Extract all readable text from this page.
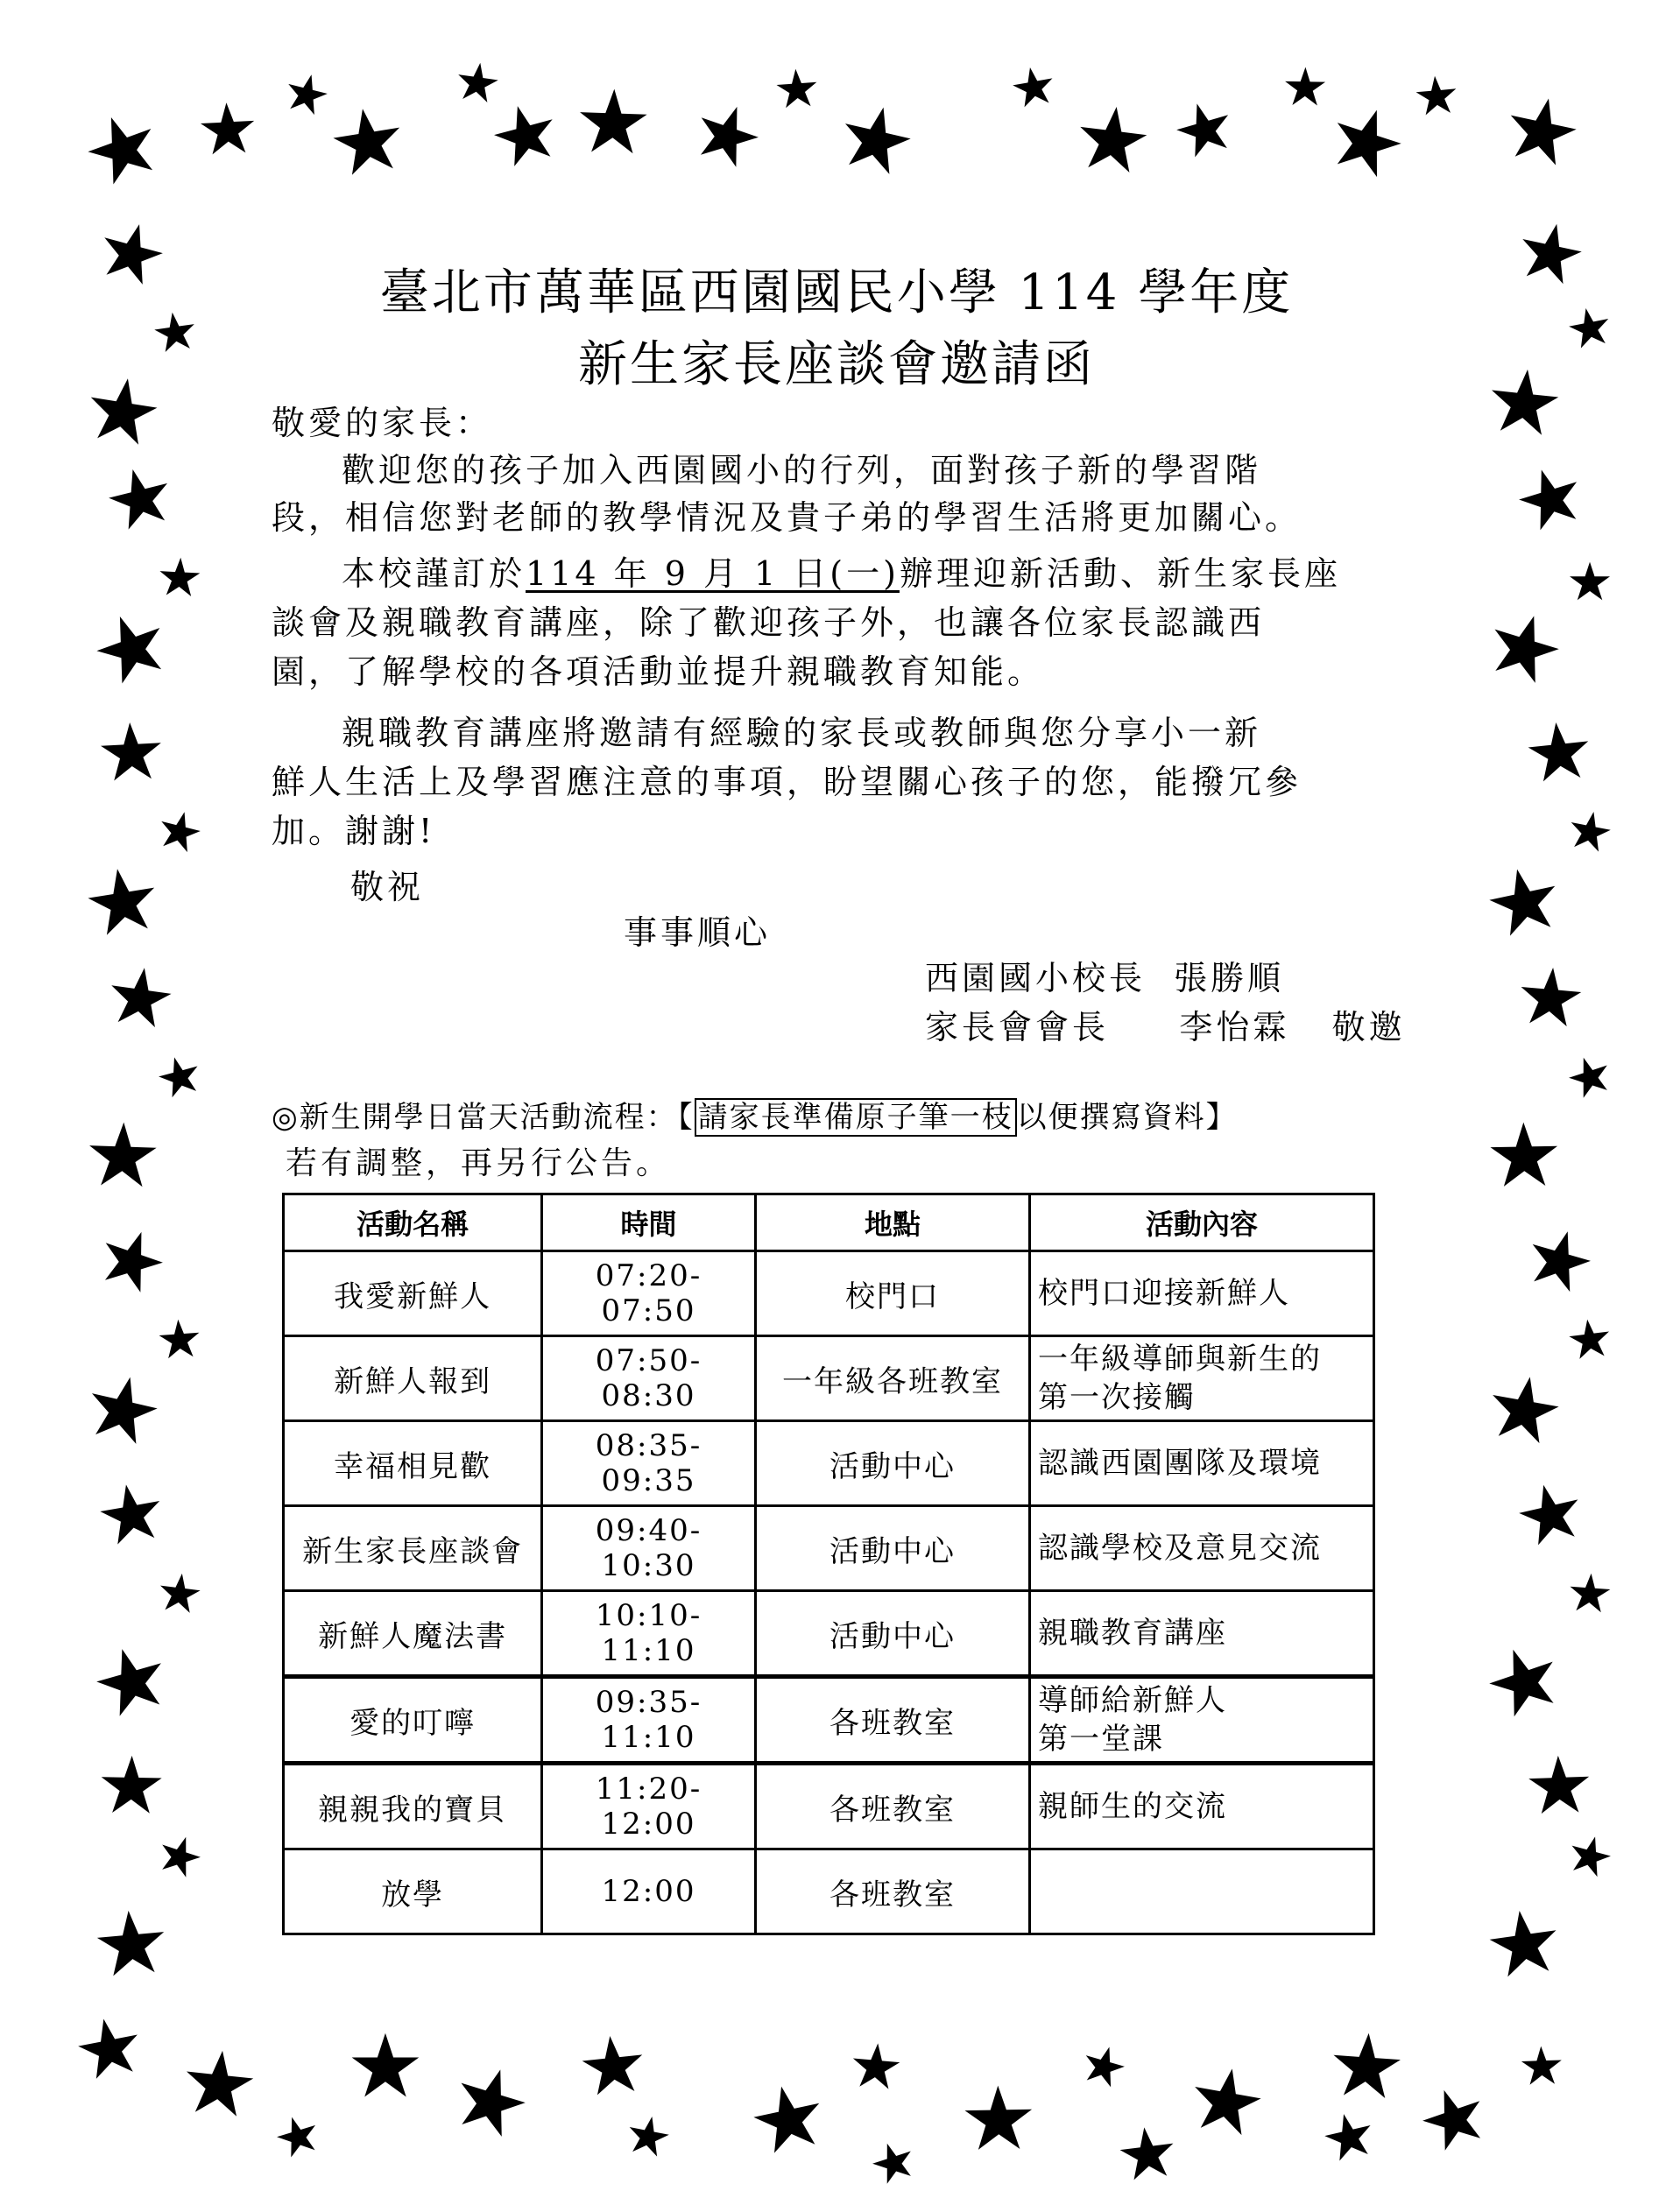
★ ★ ★
★
★
★ ★ ★
★ ★ ★ ★ ★ ★
★
★ ★
★ ★ ★
★ ★ ★
★ ★ ★
★ ★
★
★
★ ★
★
★ ★
★
★
★
★
★
★
★
★
★
★
★
★
★
★
★
★
★
★
★
★
★
★
★
★
★
★
★
★
★
★
★
★
★
★
★
★
★
★
★
★
★
★
臺北市萬華區西園國民小學 114 學年度
新生家長座談會邀請函
敬愛的家長：
歡迎您的孩子加入西園國小的行列，面對孩子新的學習階
段，相信您對老師的教學情況及貴子弟的學習生活將更加關心。
本校謹訂於114 年 9 月 1 日(一)辦理迎新活動、新生家長座
談會及親職教育講座，除了歡迎孩子外，也讓各位家長認識西
園，了解學校的各項活動並提升親職教育知能。
親職教育講座將邀請有經驗的家長或教師與您分享小一新
鮮人生活上及學習應注意的事項，盼望關心孩子的您，能撥冗參
加。謝謝!
敬祝
事事順心
西園國小校長  張勝順
家長會會長     李怡霖   敬邀
◎新生開學日當天活動流程：【 請家長準備原子筆一枝 以便撰寫資料】
若有調整，再另行公告。
活動名稱	時間	地點	活動內容
我愛新鮮人	07:20-07:50	校門口	校門口迎接新鮮人

新鮮人報到	07:50-08:30	一年級各班教室	一年級導師與新生的
第一次接觸

幸福相見歡	08:35-09:35	活動中心	認識西園團隊及環境

新生家長座談會	09:40-10:30	活動中心	認識學校及意見交流

新鮮人魔法書	10:10-11:10	活動中心	親職教育講座

愛的叮嚀	09:35-11:10	各班教室	導師給新鮮人
第一堂課

親親我的寶貝	11:20-12:00	各班教室	親師生的交流

放學	12:00	各班教室	
